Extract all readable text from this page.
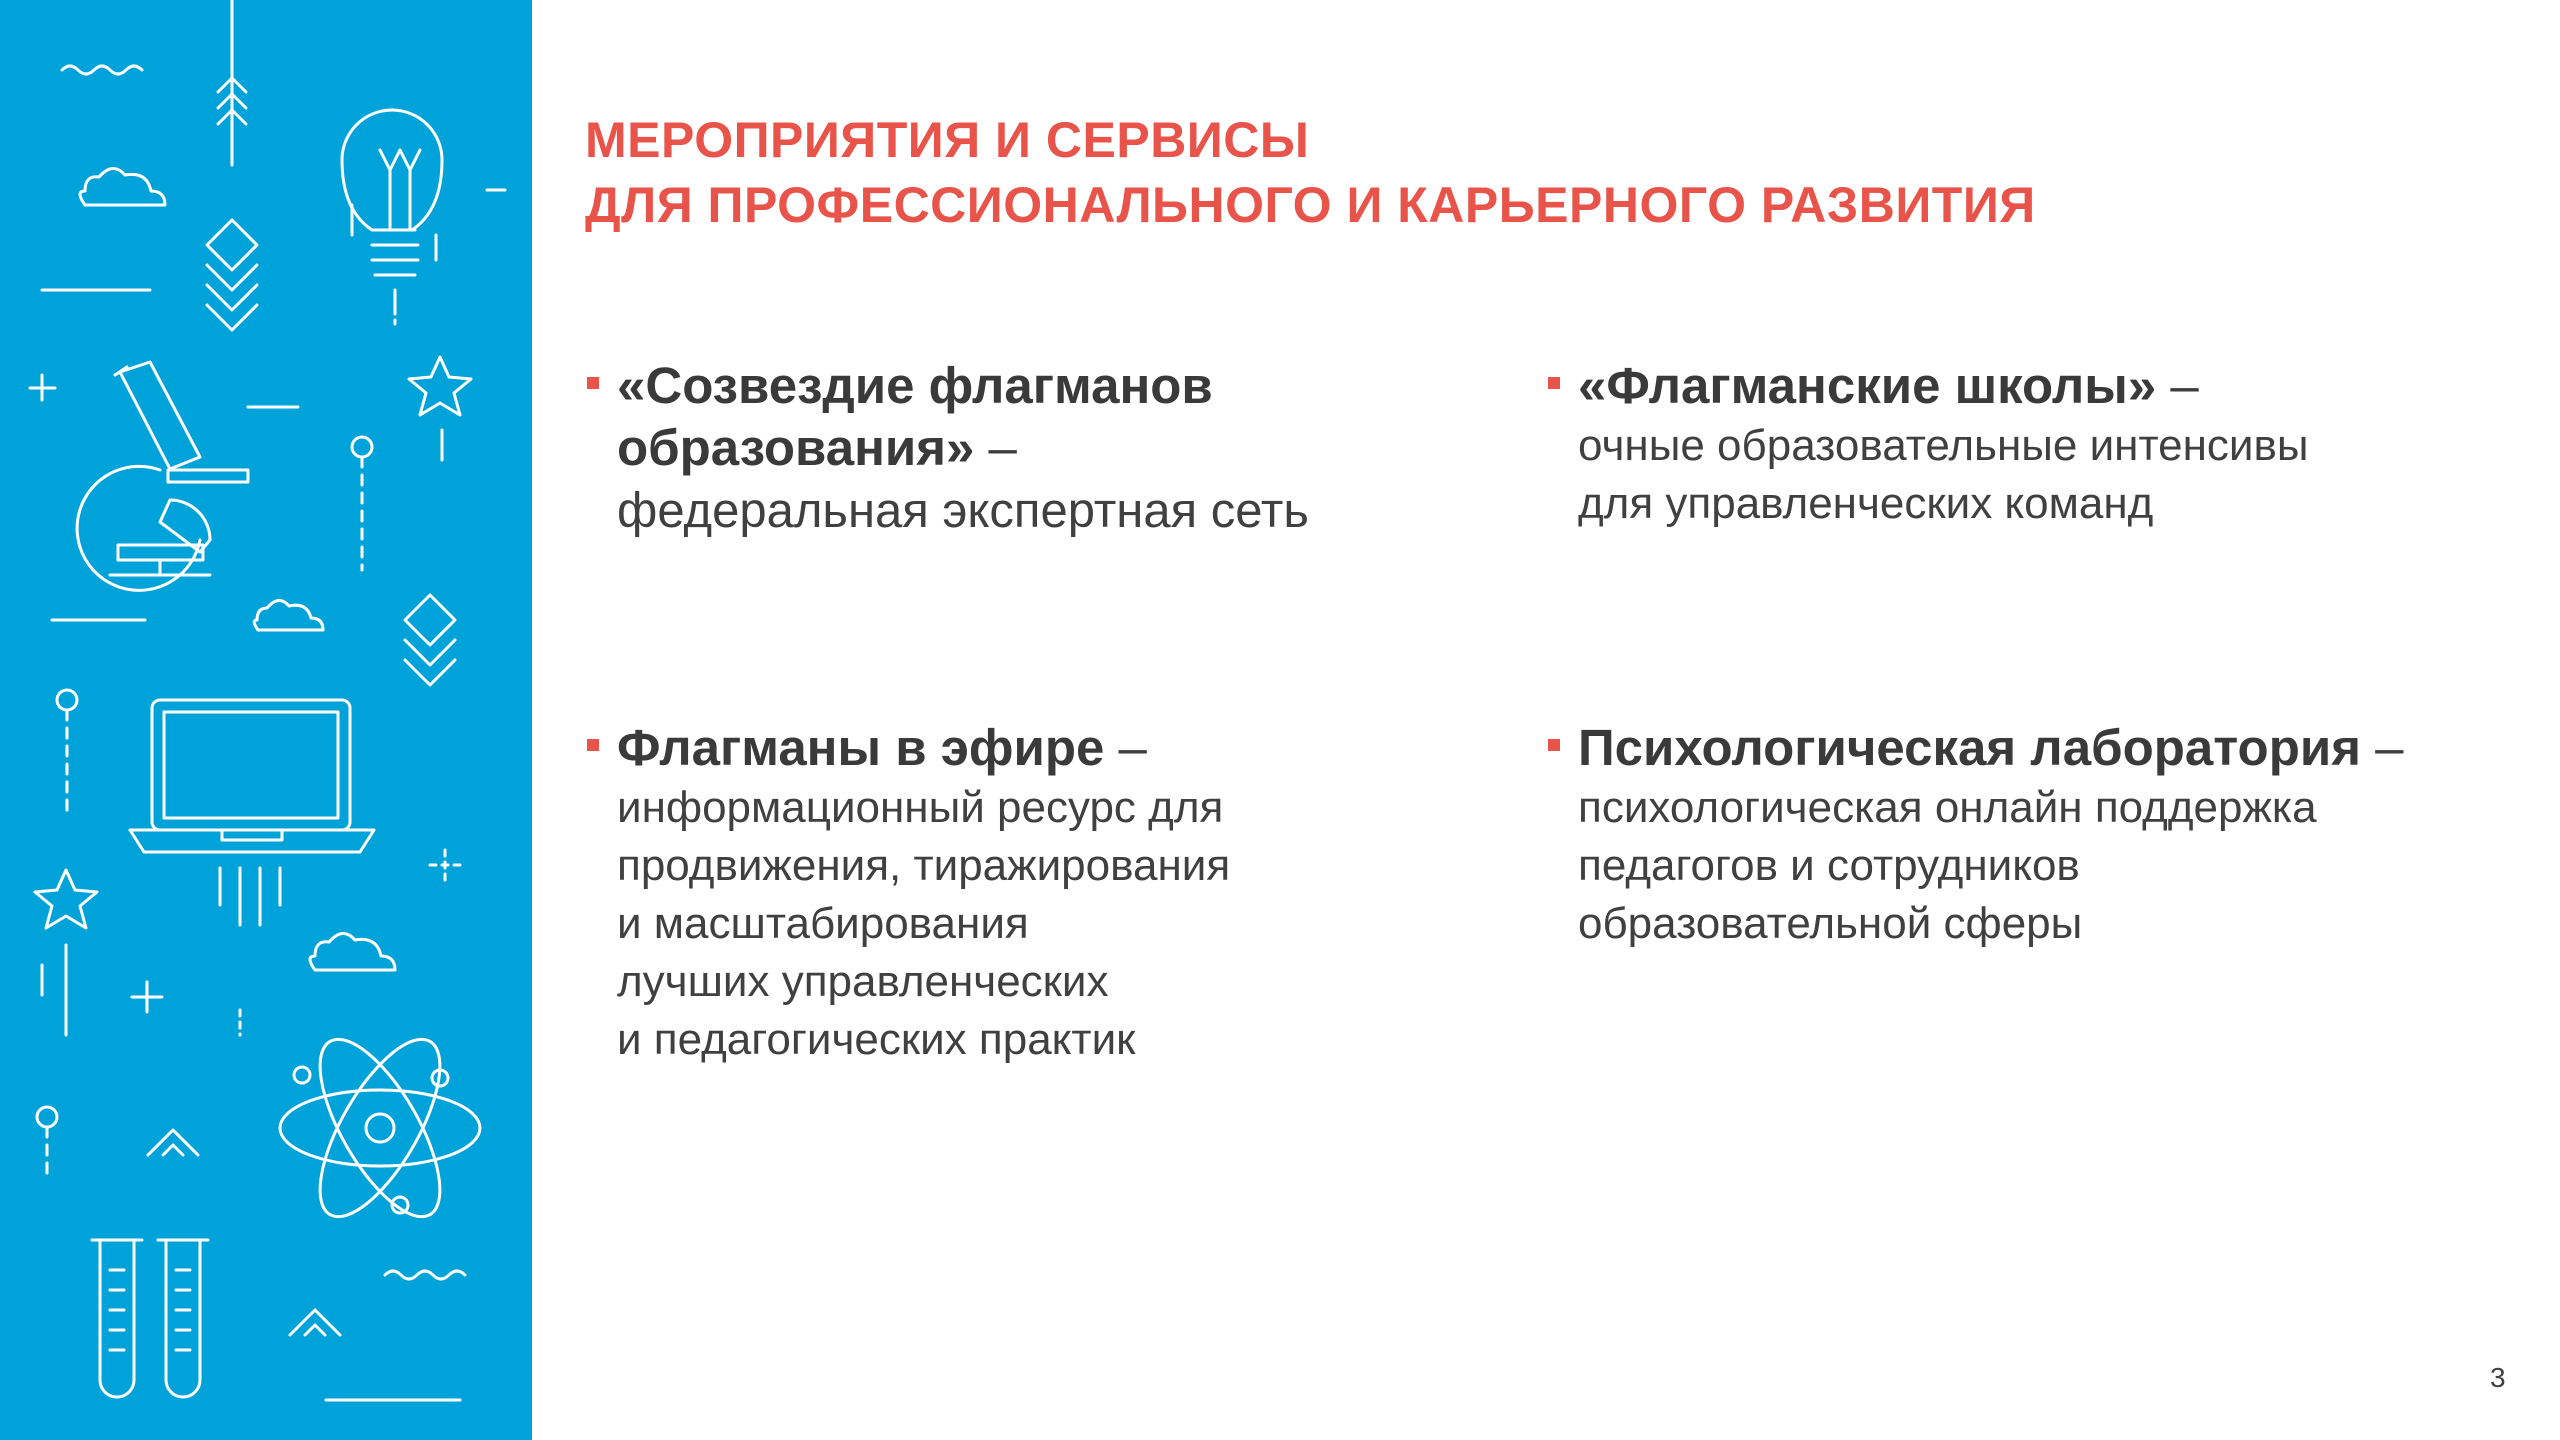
МЕРОПРИЯТИЯ И СЕРВИСЫ
ДЛЯ ПРОФЕССИОНАЛЬНОГО И КАРЬЕРНОГО РАЗВИТИЯ
«Созвездие флагманов
образования» –
федеральная экспертная сеть
«Флагманские школы» –
очные образовательные интенсивы
для управленческих команд
Флагманы в эфире –
информационный ресурс для
продвижения, тиражирования
и масштабирования
лучших управленческих
и педагогических практик
Психологическая лаборатория –
психологическая онлайн поддержка
педагогов и сотрудников
образовательной сферы
3
